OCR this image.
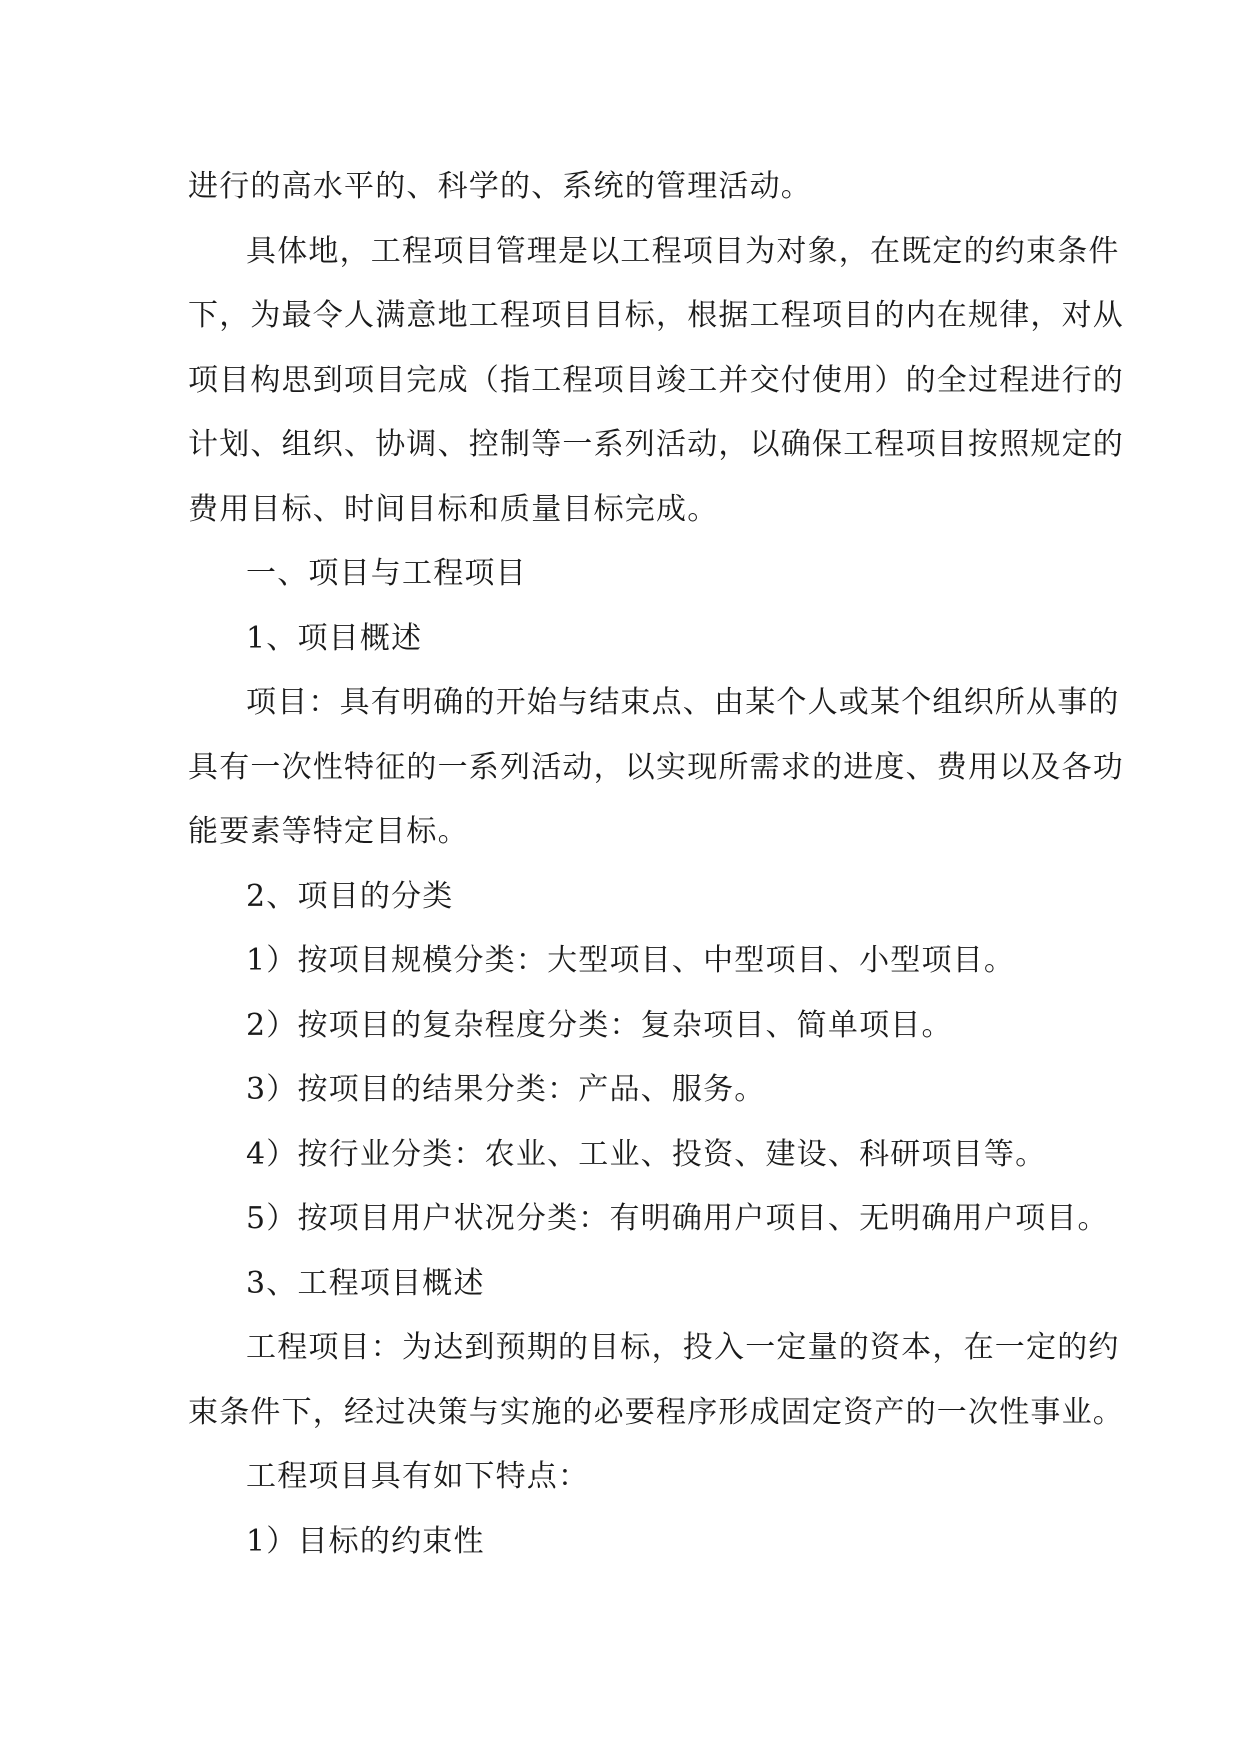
进行的高水平的、科学的、系统的管理活动。
具体地，工程项目管理是以工程项目为对象，在既定的约束条件
下，为最令人满意地工程项目目标，根据工程项目的内在规律，对从
项目构思到项目完成（指工程项目竣工并交付使用）的全过程进行的
计划、组织、协调、控制等一系列活动，以确保工程项目按照规定的
费用目标、时间目标和质量目标完成。
一、项目与工程项目
1、项目概述
项目：具有明确的开始与结束点、由某个人或某个组织所从事的
具有一次性特征的一系列活动，以实现所需求的进度、费用以及各功
能要素等特定目标。
2、项目的分类
1）按项目规模分类：大型项目、中型项目、小型项目。
2）按项目的复杂程度分类：复杂项目、简单项目。
3）按项目的结果分类：产品、服务。
4）按行业分类：农业、工业、投资、建设、科研项目等。
5）按项目用户状况分类：有明确用户项目、无明确用户项目。
3、工程项目概述
工程项目：为达到预期的目标，投入一定量的资本，在一定的约
束条件下，经过决策与实施的必要程序形成固定资产的一次性事业。
工程项目具有如下特点：
1）目标的约束性
